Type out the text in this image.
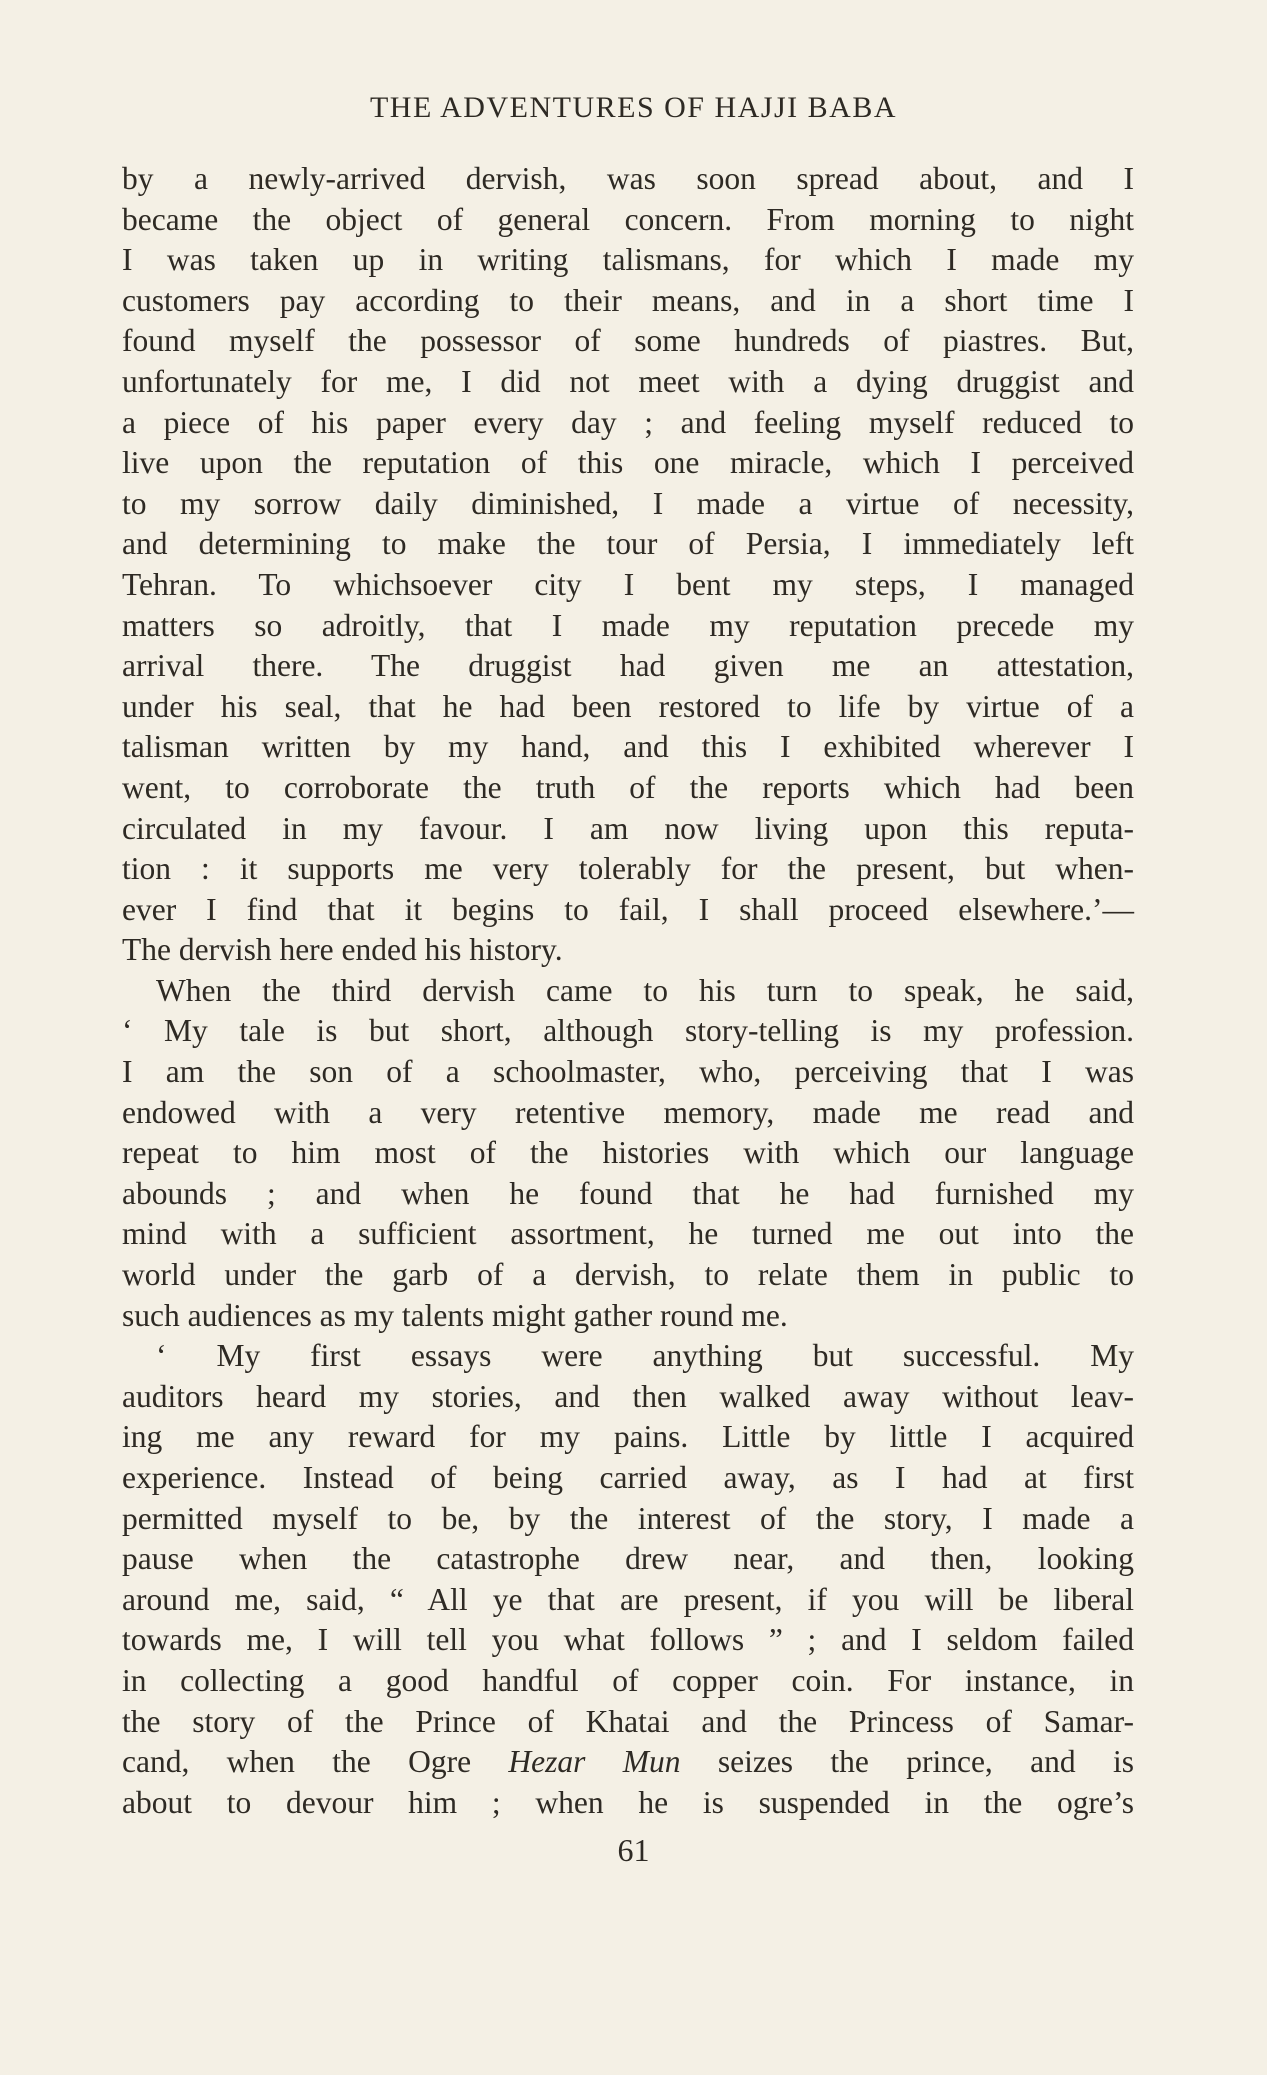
THE ADVENTURES OF HAJJI BABA
by a newly-arrived dervish, was soon spread about, and I
became the object of general concern. From morning to night
I was taken up in writing talismans, for which I made my
customers pay according to their means, and in a short time I
found myself the possessor of some hundreds of piastres. But,
unfortunately for me, I did not meet with a dying druggist and
a piece of his paper every day ; and feeling myself reduced to
live upon the reputation of this one miracle, which I perceived
to my sorrow daily diminished, I made a virtue of necessity,
and determining to make the tour of Persia, I immediately left
Tehran. To whichsoever city I bent my steps, I managed
matters so adroitly, that I made my reputation precede my
arrival there. The druggist had given me an attestation,
under his seal, that he had been restored to life by virtue of a
talisman written by my hand, and this I exhibited wherever I
went, to corroborate the truth of the reports which had been
circulated in my favour. I am now living upon this reputa-
tion : it supports me very tolerably for the present, but when-
ever I find that it begins to fail, I shall proceed elsewhere.’—
The dervish here ended his history.
When the third dervish came to his turn to speak, he said,
‘ My tale is but short, although story-telling is my profession.
I am the son of a schoolmaster, who, perceiving that I was
endowed with a very retentive memory, made me read and
repeat to him most of the histories with which our language
abounds ; and when he found that he had furnished my
mind with a sufficient assortment, he turned me out into the
world under the garb of a dervish, to relate them in public to
such audiences as my talents might gather round me.
‘ My first essays were anything but successful. My
auditors heard my stories, and then walked away without leav-
ing me any reward for my pains. Little by little I acquired
experience. Instead of being carried away, as I had at first
permitted myself to be, by the interest of the story, I made a
pause when the catastrophe drew near, and then, looking
around me, said, “ All ye that are present, if you will be liberal
towards me, I will tell you what follows ” ; and I seldom failed
in collecting a good handful of copper coin. For instance, in
the story of the Prince of Khatai and the Princess of Samar-
cand, when the Ogre Hezar Mun seizes the prince, and is
about to devour him ; when he is suspended in the ogre’s
61
